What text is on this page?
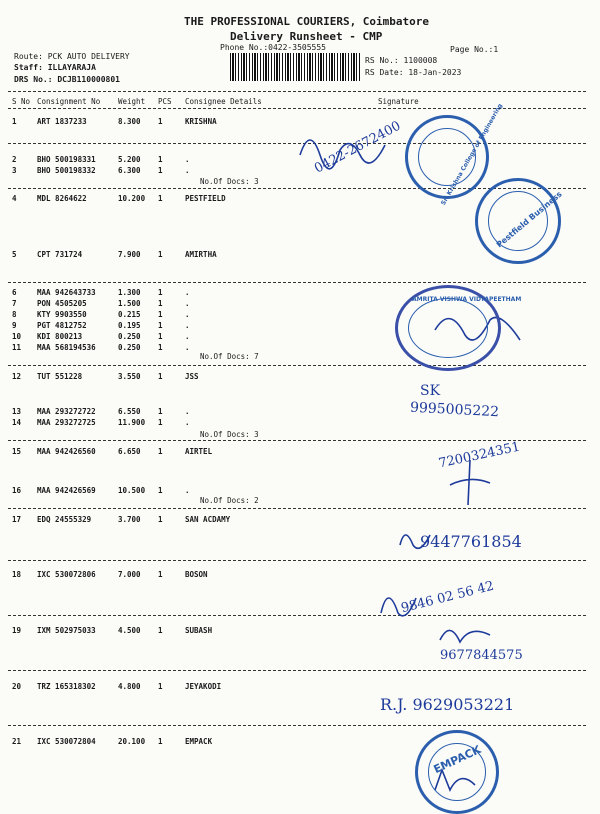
THE PROFESSIONAL COURIERS, Coimbatore
Delivery Runsheet - CMP
Phone No.:0422-3505555	Page No.:1
Route: PCK AUTO DELIVERY
Staff: ILLAYARAJA
DRS No.: DCJB110000801
RS No.: 1100008
RS Date: 18-Jan-2023
S No Consignment No Weight PCS Consignee Details	Signature
1	ART 1837233	8.300 1	KRISHNA
2	BHO 500198331	5.200 1	.
3	BHO 500198332	6.300 1	.
No.Of Docs: 3
4	MDL 8264622	10.200 1	PESTFIELD
5	CPT 731724	7.900 1	AMIRTHA
6	MAA 942643733	1.300 1	.
7	PON 4505205	1.500 1	.
8	KTY 9903550	0.215 1	.
9	PGT 4812752	0.195 1	.
10 KDI 800213	0.250 1	.
11 MAA 568194536	0.250 1	.
No.Of Docs: 7
12 TUT 551228	3.550 1	JSS
13 MAA 293272722	6.550 1	.
14 MAA 293272725	11.900 1	.
No.Of Docs: 3
15 MAA 942426560	6.650 1	AIRTEL
16 MAA 942426569	10.500 1	.
No.Of Docs: 2
17 EDQ 24555329	3.700 1	SAN ACDAMY
18 IXC 530072806	7.000 1	BOSON
19 IXM 502975033	4.500 1	SUBASH
20 TRZ 165318302	4.800 1	JEYAKODI
21 IXC 530072804	20.100 1	EMPACK
0422-2672400
SK
9995005222
7200324351
9447761854
9846 02 56 42
9677844575
R.J. 9629053221
Sri Krishna College of Engineering
Pestfield Business
AMRITA VISHWA VIDYAPEETHAM
EMPACK
